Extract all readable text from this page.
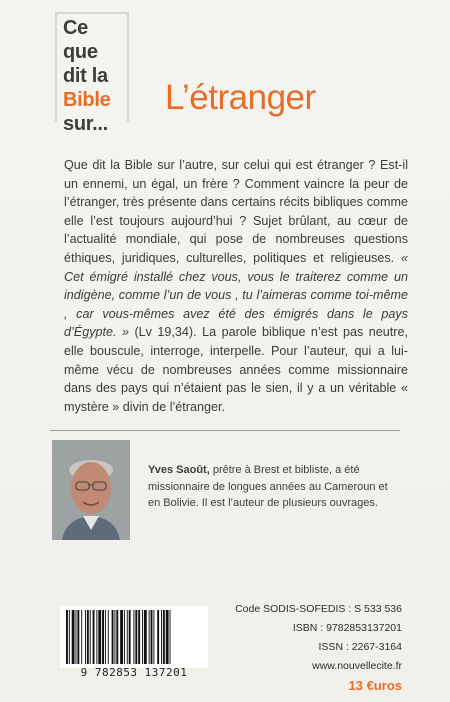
Ce que
dit la
Bible
sur...
L’étranger

Que dit la Bible sur l’autre, sur celui qui est étranger ? Est-il un ennemi, un égal, un frère ? Comment vaincre la peur de l’étranger, très présente dans certains récits bibliques comme elle l’est toujours aujourd’hui ? Sujet brûlant, au cœur de l’actualité mondiale, qui pose de nombreuses questions éthiques, juridiques, culturelles, politiques et religieuses. « Cet émigré installé chez vous, vous le traiterez comme un indigène, comme l’un de vous , tu l’aimeras comme toi-même , car vous-mêmes avez été des émigrés dans le pays d’Égypte. » (Lv 19,34). La parole biblique n’est pas neutre, elle bouscule, interroge, interpelle. Pour l’auteur, qui a lui-même vécu de nombreuses années comme missionnaire dans des pays qui n’étaient pas le sien, il y a un véritable « mystère » divin de l’étranger.

Yves Saoût, prêtre à Brest et bibliste, a été missionnaire de longues années au Cameroun et en Bolivie. Il est l’auteur de plusieurs ouvrages.
9 782853 137201
Code SODIS-SOFEDIS : S 533 536
ISBN : 9782853137201
ISSN : 2267-3164
www.nouvellecite.fr
13 €uros
